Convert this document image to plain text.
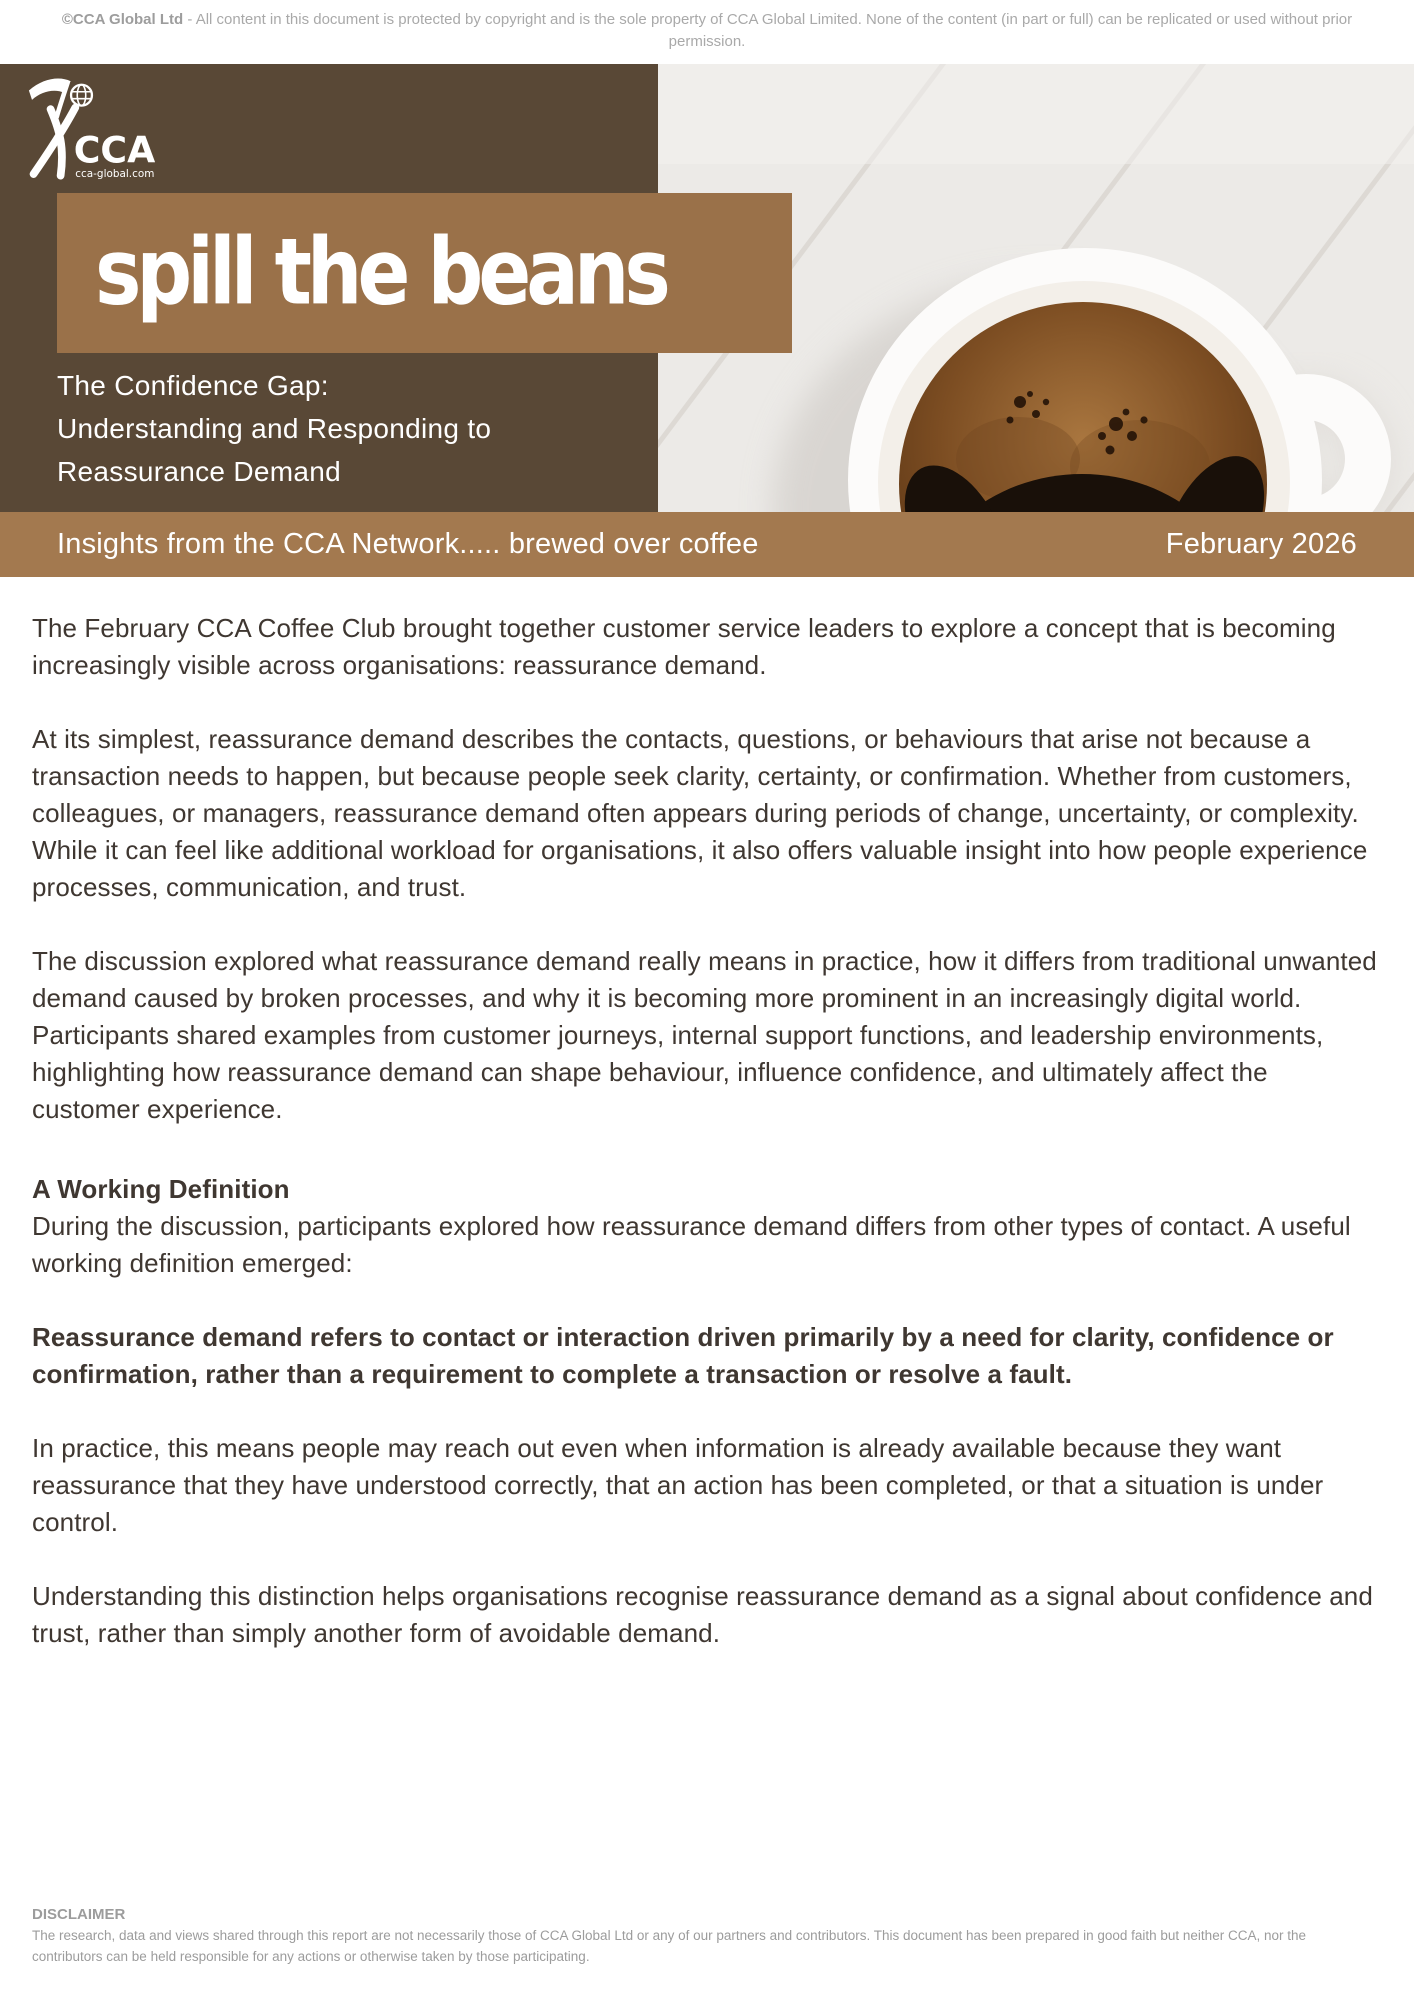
©CCA Global Ltd - All content in this document is protected by copyright and is the sole property of CCA Global Limited. None of the content (in part or full) can be replicated or used without prior permission.
CCA
cca-global.com
spill the beans
The Confidence Gap:
Understanding and Responding to
Reassurance Demand
Insights from the CCA Network..... brewed over coffee	February 2026

The February CCA Coffee Club brought together customer service leaders to explore a concept that is becoming increasingly visible across organisations: reassurance demand.

At its simplest, reassurance demand describes the contacts, questions, or behaviours that arise not because a transaction needs to happen, but because people seek clarity, certainty, or confirmation. Whether from customers, colleagues, or managers, reassurance demand often appears during periods of change, uncertainty, or complexity. While it can feel like additional workload for organisations, it also offers valuable insight into how people experience processes, communication, and trust.

The discussion explored what reassurance demand really means in practice, how it differs from traditional unwanted demand caused by broken processes, and why it is becoming more prominent in an increasingly digital world. Participants shared examples from customer journeys, internal support functions, and leadership environments, highlighting how reassurance demand can shape behaviour, influence confidence, and ultimately affect the customer experience.

A Working Definition

During the discussion, participants explored how reassurance demand differs from other types of contact. A useful working definition emerged:

Reassurance demand refers to contact or interaction driven primarily by a need for clarity, confidence or confirmation, rather than a requirement to complete a transaction or resolve a fault.

In practice, this means people may reach out even when information is already available because they want reassurance that they have understood correctly, that an action has been completed, or that a situation is under control.

Understanding this distinction helps organisations recognise reassurance demand as a signal about confidence and trust, rather than simply another form of avoidable demand.

DISCLAIMER
The research, data and views shared through this report are not necessarily those of CCA Global Ltd or any of our partners and contributors. This document has been prepared in good faith but neither CCA, nor the contributors can be held responsible for any actions or otherwise taken by those participating.
